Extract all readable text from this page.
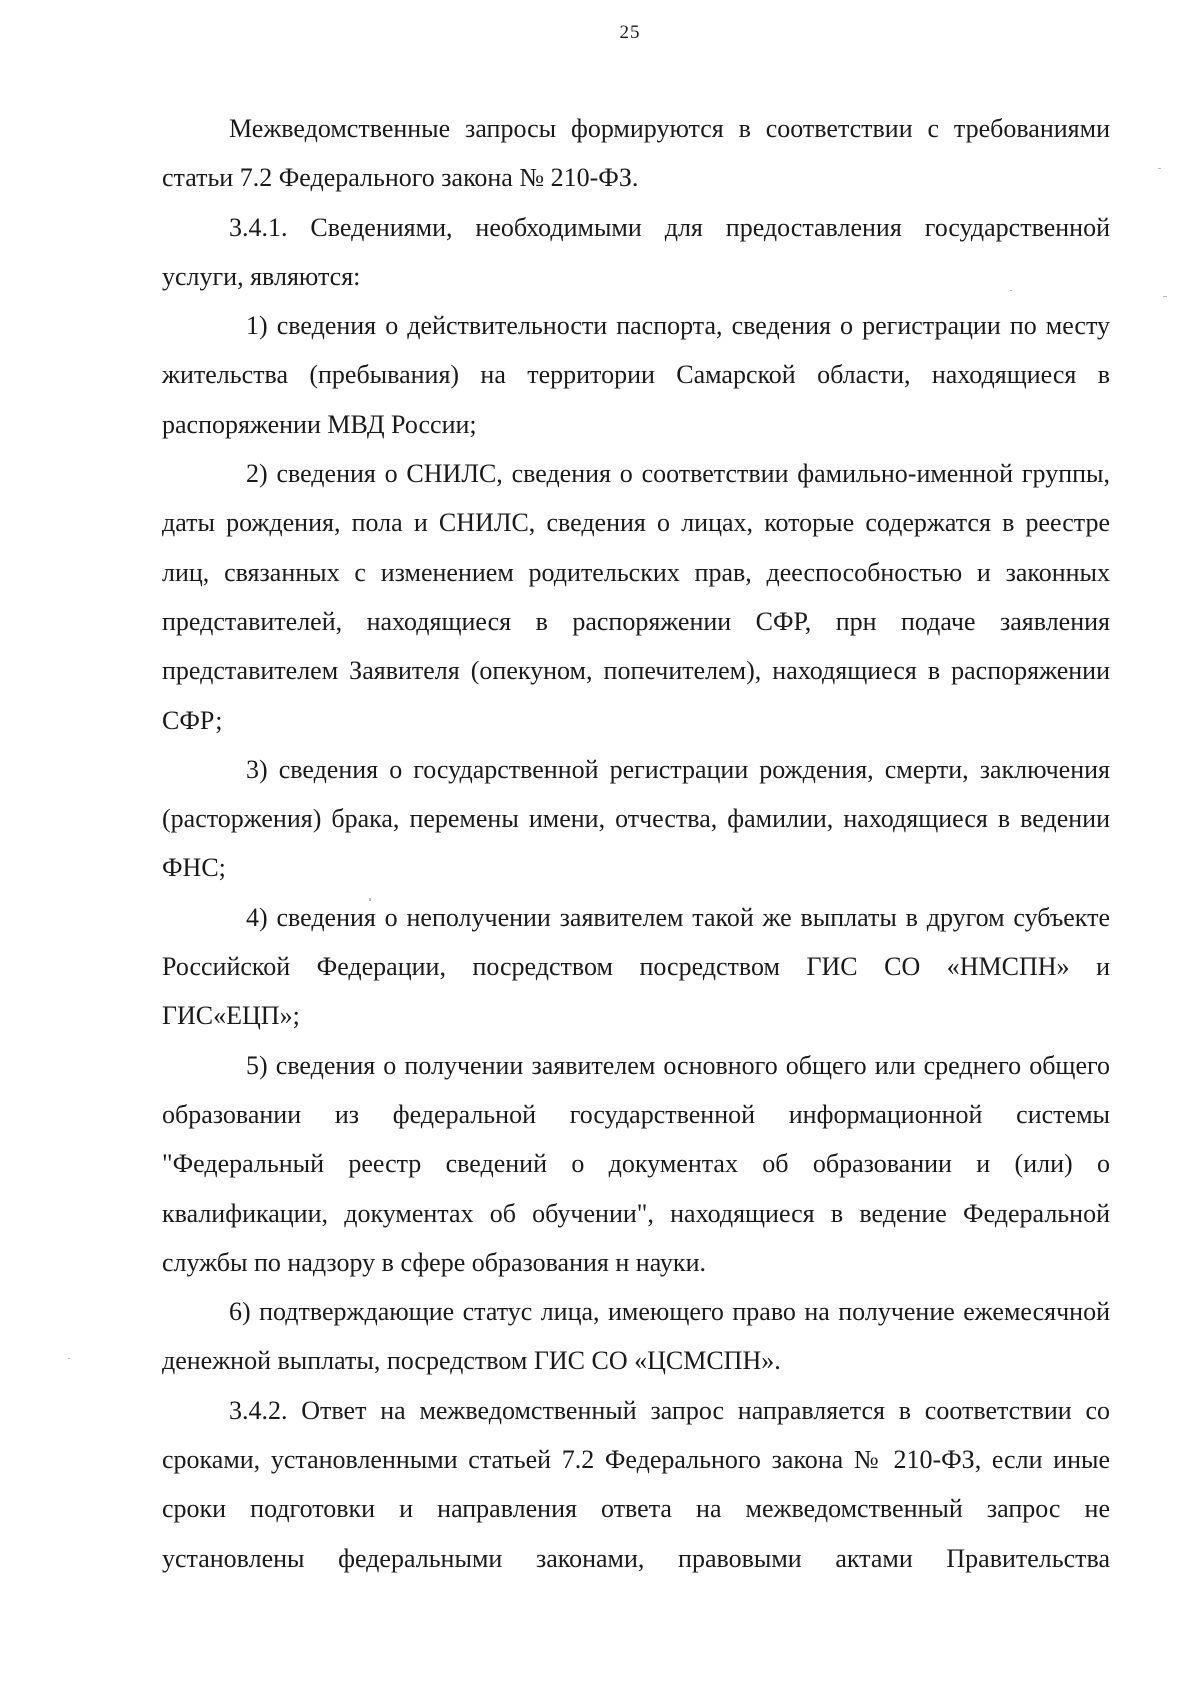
25

Межведомственные запросы формируются в соответствии с требованиями статьи 7.2 Федерального закона № 210-ФЗ.

3.4.1. Сведениями, необходимыми для предоставления государственной услуги, являются:

1) сведения о действительности паспорта, сведения о регистрации по месту жительства (пребывания) на территории Самарской области, находящиеся в распоряжении МВД России;

2) сведения о СНИЛС, сведения о соответствии фамильно-именной группы, даты рождения, пола и СНИЛС, сведения о лицах, которые содержатся в реестре лиц, связанных с изменением родительских прав, дееспособностью и законных представителей, находящиеся в распоряжении СФР, прн подаче заявления представителем Заявителя (опекуном, попечителем), находящиеся в распоряжении СФР;

3) сведения о государственной регистрации рождения, смерти, заключения (расторжения) брака, перемены имени, отчества, фамилии, находящиеся в ведении ФНС;

4) сведения о неполучении заявителем такой же выплаты в другом субъекте Российской Федерации, посредством посредством ГИС СО «НМСПН» и ГИС«ЕЦП»;

5) сведения о получении заявителем основного общего или среднего общего образовании из федеральной государственной информационной системы "Федеральный реестр сведений о документах об образовании и (или) о квалификации, документах об обучении", находящиеся в ведение Федеральной службы по надзору в сфере образования н науки.

6) подтверждающие статус лица, имеющего право на получение ежемесячной денежной выплаты, посредством ГИС СО «ЦСМСПН».

3.4.2. Ответ на межведомственный запрос направляется в соответствии со сроками, установленными статьей 7.2 Федерального закона № 210-ФЗ, если иные сроки подготовки и направления ответа на межведомственный запрос не установлены федеральными законами, правовыми актами Правительства
